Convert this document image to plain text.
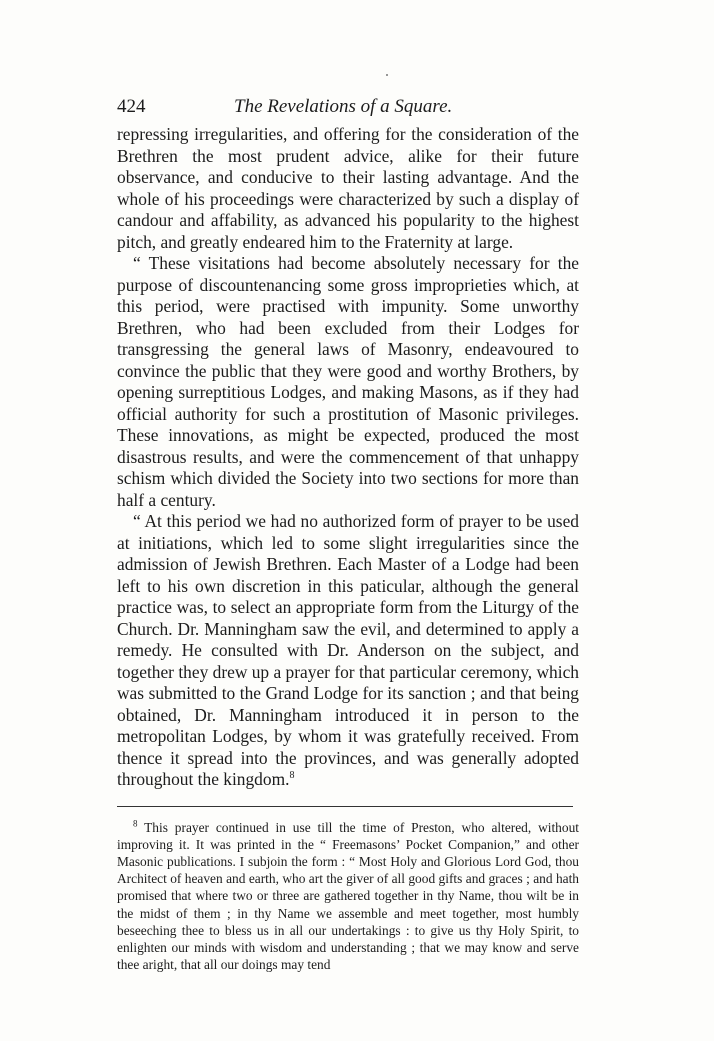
424	The Revelations of a Square.

repressing irregularities, and offering for the consideration of the Brethren the most prudent advice, alike for their future observance, and conducive to their lasting advantage. And the whole of his proceedings were characterized by such a display of candour and affability, as advanced his popularity to the highest pitch, and greatly endeared him to the Fraternity at large.

“ These visitations had become absolutely necessary for the purpose of discountenancing some gross improprieties which, at this period, were practised with impunity. Some unworthy Brethren, who had been excluded from their Lodges for transgressing the general laws of Masonry, endeavoured to convince the public that they were good and worthy Brothers, by opening surreptitious Lodges, and making Masons, as if they had official authority for such a prostitution of Masonic privileges. These innovations, as might be expected, produced the most disastrous results, and were the commencement of that unhappy schism which divided the Society into two sections for more than half a century.

“ At this period we had no authorized form of prayer to be used at initiations, which led to some slight irregularities since the admission of Jewish Brethren. Each Master of a Lodge had been left to his own discretion in this paticular, although the general practice was, to select an appropriate form from the Liturgy of the Church. Dr. Manningham saw the evil, and determined to apply a remedy. He consulted with Dr. Anderson on the subject, and together they drew up a prayer for that particular ceremony, which was submitted to the Grand Lodge for its sanction ; and that being obtained, Dr. Manningham introduced it in person to the metropolitan Lodges, by whom it was gratefully received. From thence it spread into the provinces, and was generally adopted throughout the kingdom.$^8$

$^8$ This prayer continued in use till the time of Preston, who altered, without improving it. It was printed in the “ Freemasons’ Pocket Companion,” and other Masonic publications. I subjoin the form : “ Most Holy and Glorious Lord God, thou Architect of heaven and earth, who art the giver of all good gifts and graces ; and hath promised that where two or three are gathered together in thy Name, thou wilt be in the midst of them ; in thy Name we assemble and meet together, most humbly beseeching thee to bless us in all our undertakings : to give us thy Holy Spirit, to enlighten our minds with wisdom and understanding ; that we may know and serve thee aright, that all our doings may tend
